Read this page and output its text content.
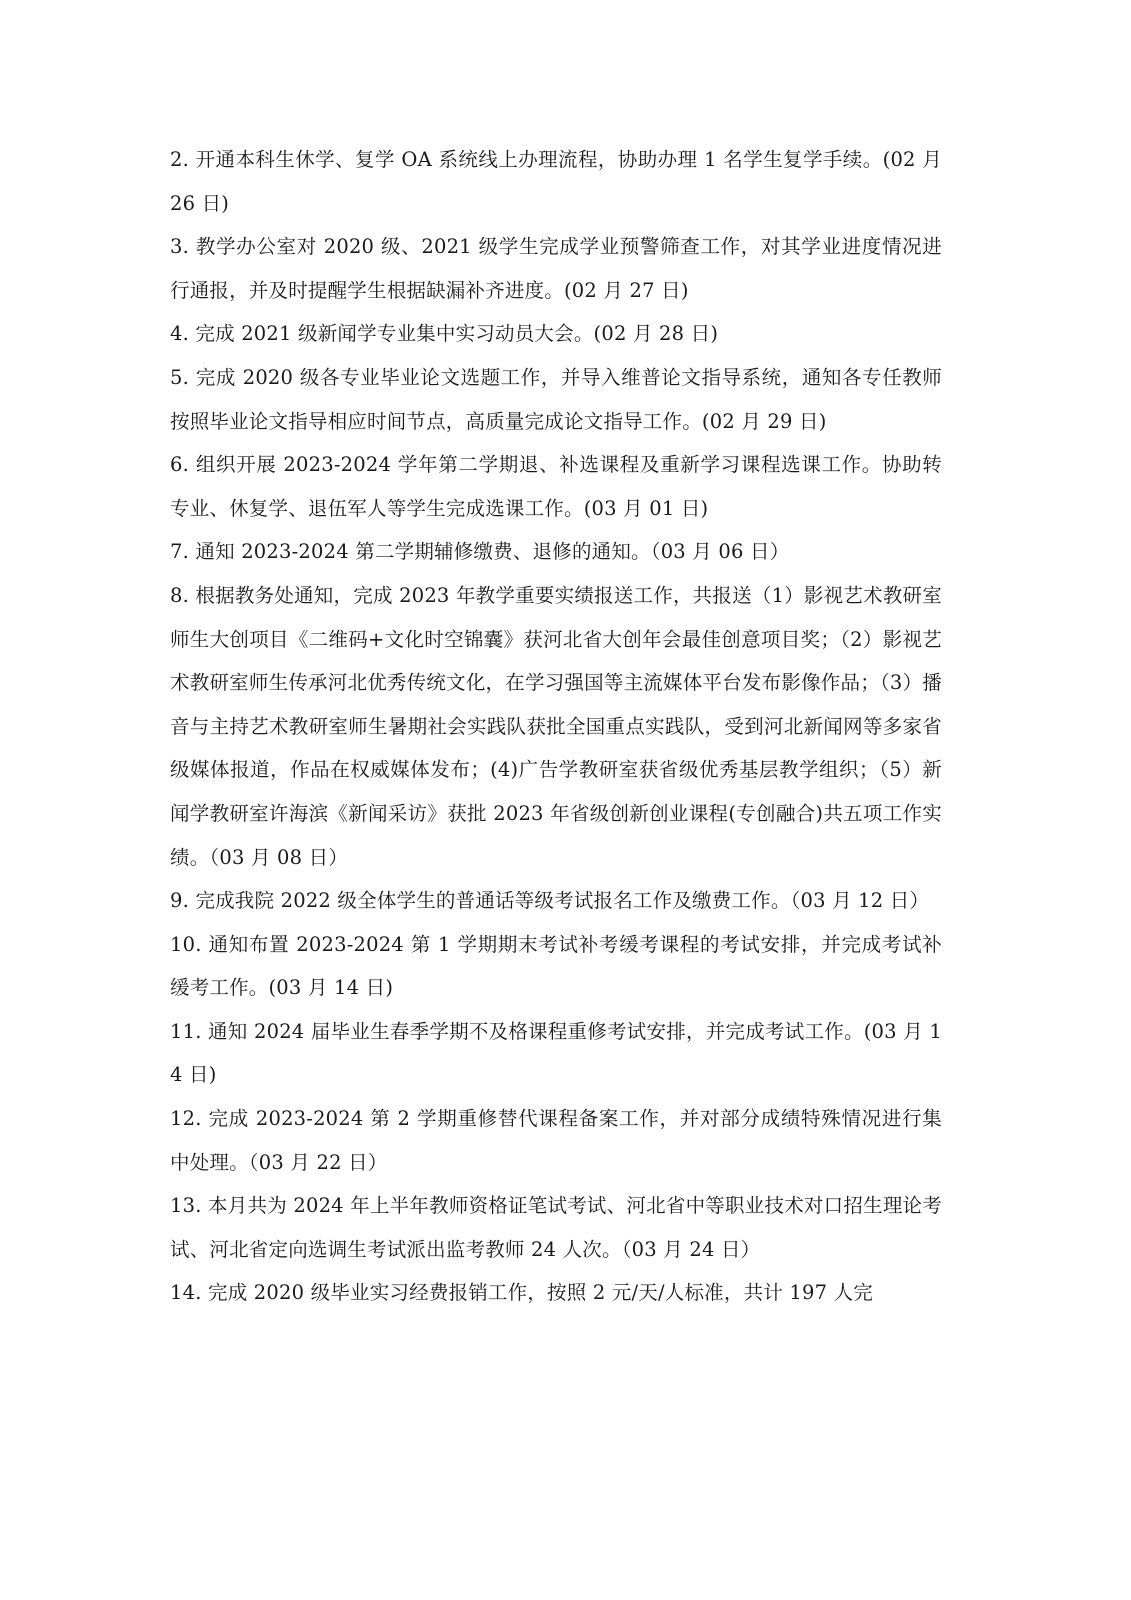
2. 开通本科生休学、复学 OA 系统线上办理流程，协助办理 1 名学生复学手续。(02 月 26 日)

3. 教学办公室对 2020 级、2021 级学生完成学业预警筛查工作，对其学业进度情况进行通报，并及时提醒学生根据缺漏补齐进度。(02 月 27 日)

4. 完成 2021 级新闻学专业集中实习动员大会。(02 月 28 日)

5. 完成 2020 级各专业毕业论文选题工作，并导入维普论文指导系统，通知各专任教师按照毕业论文指导相应时间节点，高质量完成论文指导工作。(02 月 29 日)

6. 组织开展 2023-2024 学年第二学期退、补选课程及重新学习课程选课工作。协助转专业、休复学、退伍军人等学生完成选课工作。(03 月 01 日)

7. 通知 2023-2024 第二学期辅修缴费、退修的通知。（03 月 06 日）

8. 根据教务处通知，完成 2023 年教学重要实绩报送工作，共报送（1）影视艺术教研室师生大创项目《二维码+文化时空锦囊》获河北省大创年会最佳创意项目奖；（2）影视艺术教研室师生传承河北优秀传统文化，在学习强国等主流媒体平台发布影像作品；（3）播音与主持艺术教研室师生暑期社会实践队获批全国重点实践队，受到河北新闻网等多家省级媒体报道，作品在权威媒体发布；(4)广告学教研室获省级优秀基层教学组织；（5）新闻学教研室许海滨《新闻采访》获批 2023 年省级创新创业课程(专创融合)共五项工作实绩。（03 月 08 日）

9. 完成我院 2022 级全体学生的普通话等级考试报名工作及缴费工作。（03 月 12 日）

10. 通知布置 2023-2024 第 1 学期期末考试补考缓考课程的考试安排，并完成考试补缓考工作。(03 月 14 日)

11. 通知 2024 届毕业生春季学期不及格课程重修考试安排，并完成考试工作。(03 月 14 日)

12. 完成 2023-2024 第 2 学期重修替代课程备案工作，并对部分成绩特殊情况进行集中处理。（03 月 22 日）

13. 本月共为 2024 年上半年教师资格证笔试考试、河北省中等职业技术对口招生理论考试、河北省定向选调生考试派出监考教师 24 人次。（03 月 24 日）

14. 完成 2020 级毕业实习经费报销工作，按照 2 元/天/人标准，共计 197 人完
